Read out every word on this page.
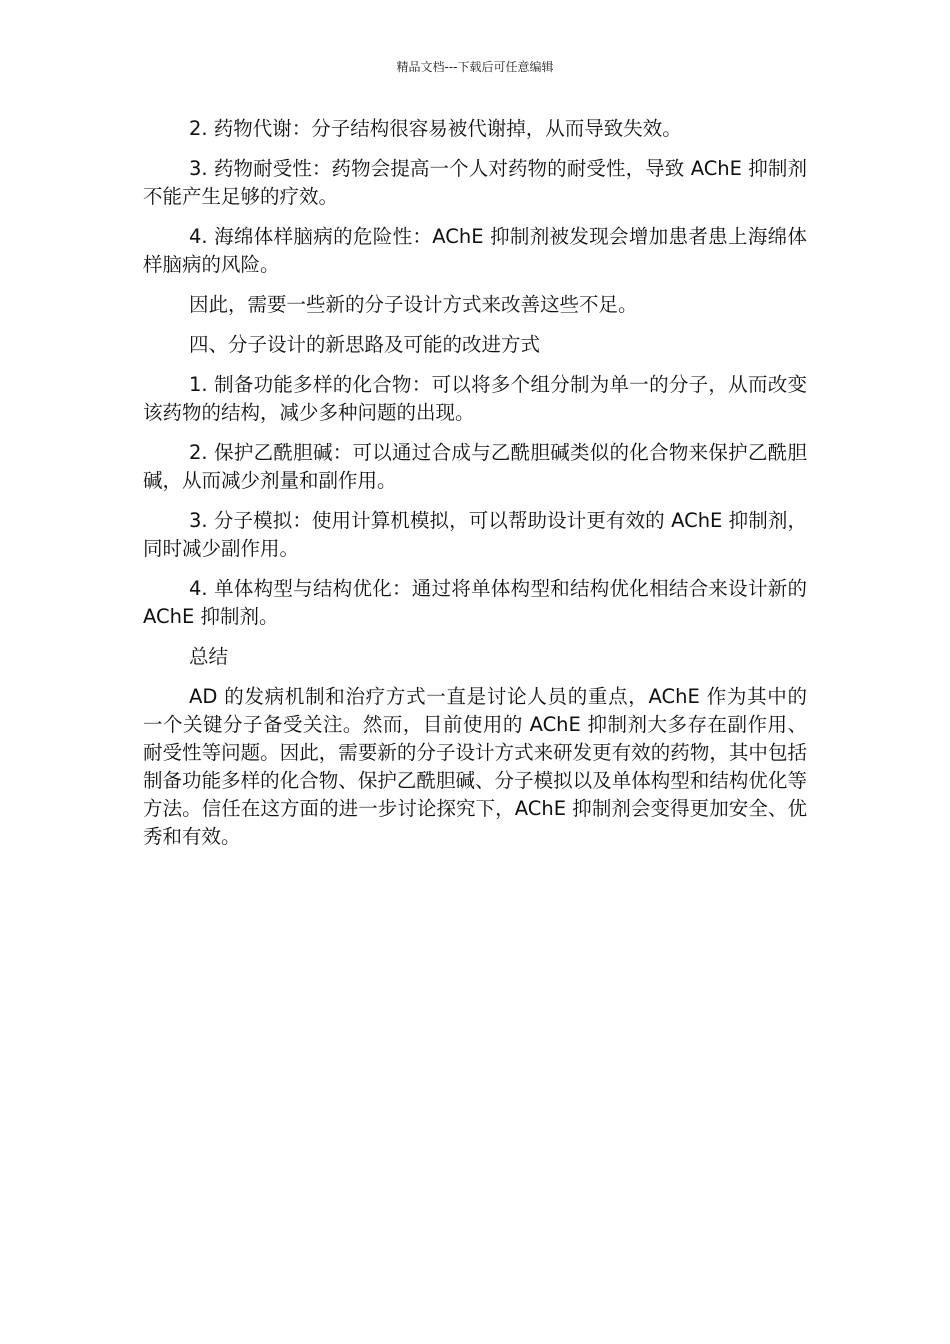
精品文档---下载后可任意编辑

2. 药物代谢：分子结构很容易被代谢掉，从而导致失效。

3. 药物耐受性：药物会提高一个人对药物的耐受性，导致 AChE 抑制剂不能产生足够的疗效。

4. 海绵体样脑病的危险性：AChE 抑制剂被发现会增加患者患上海绵体样脑病的风险。

因此，需要一些新的分子设计方式来改善这些不足。

四、分子设计的新思路及可能的改进方式

1. 制备功能多样的化合物：可以将多个组分制为单一的分子，从而改变该药物的结构，减少多种问题的出现。

2. 保护乙酰胆碱：可以通过合成与乙酰胆碱类似的化合物来保护乙酰胆碱，从而减少剂量和副作用。

3. 分子模拟：使用计算机模拟，可以帮助设计更有效的 AChE 抑制剂，同时减少副作用。

4. 单体构型与结构优化：通过将单体构型和结构优化相结合来设计新的 AChE 抑制剂。

总结

AD 的发病机制和治疗方式一直是讨论人员的重点，AChE 作为其中的一个关键分子备受关注。然而，目前使用的 AChE 抑制剂大多存在副作用、耐受性等问题。因此，需要新的分子设计方式来研发更有效的药物，其中包括制备功能多样的化合物、保护乙酰胆碱、分子模拟以及单体构型和结构优化等方法。信任在这方面的进一步讨论探究下，AChE 抑制剂会变得更加安全、优秀和有效。
